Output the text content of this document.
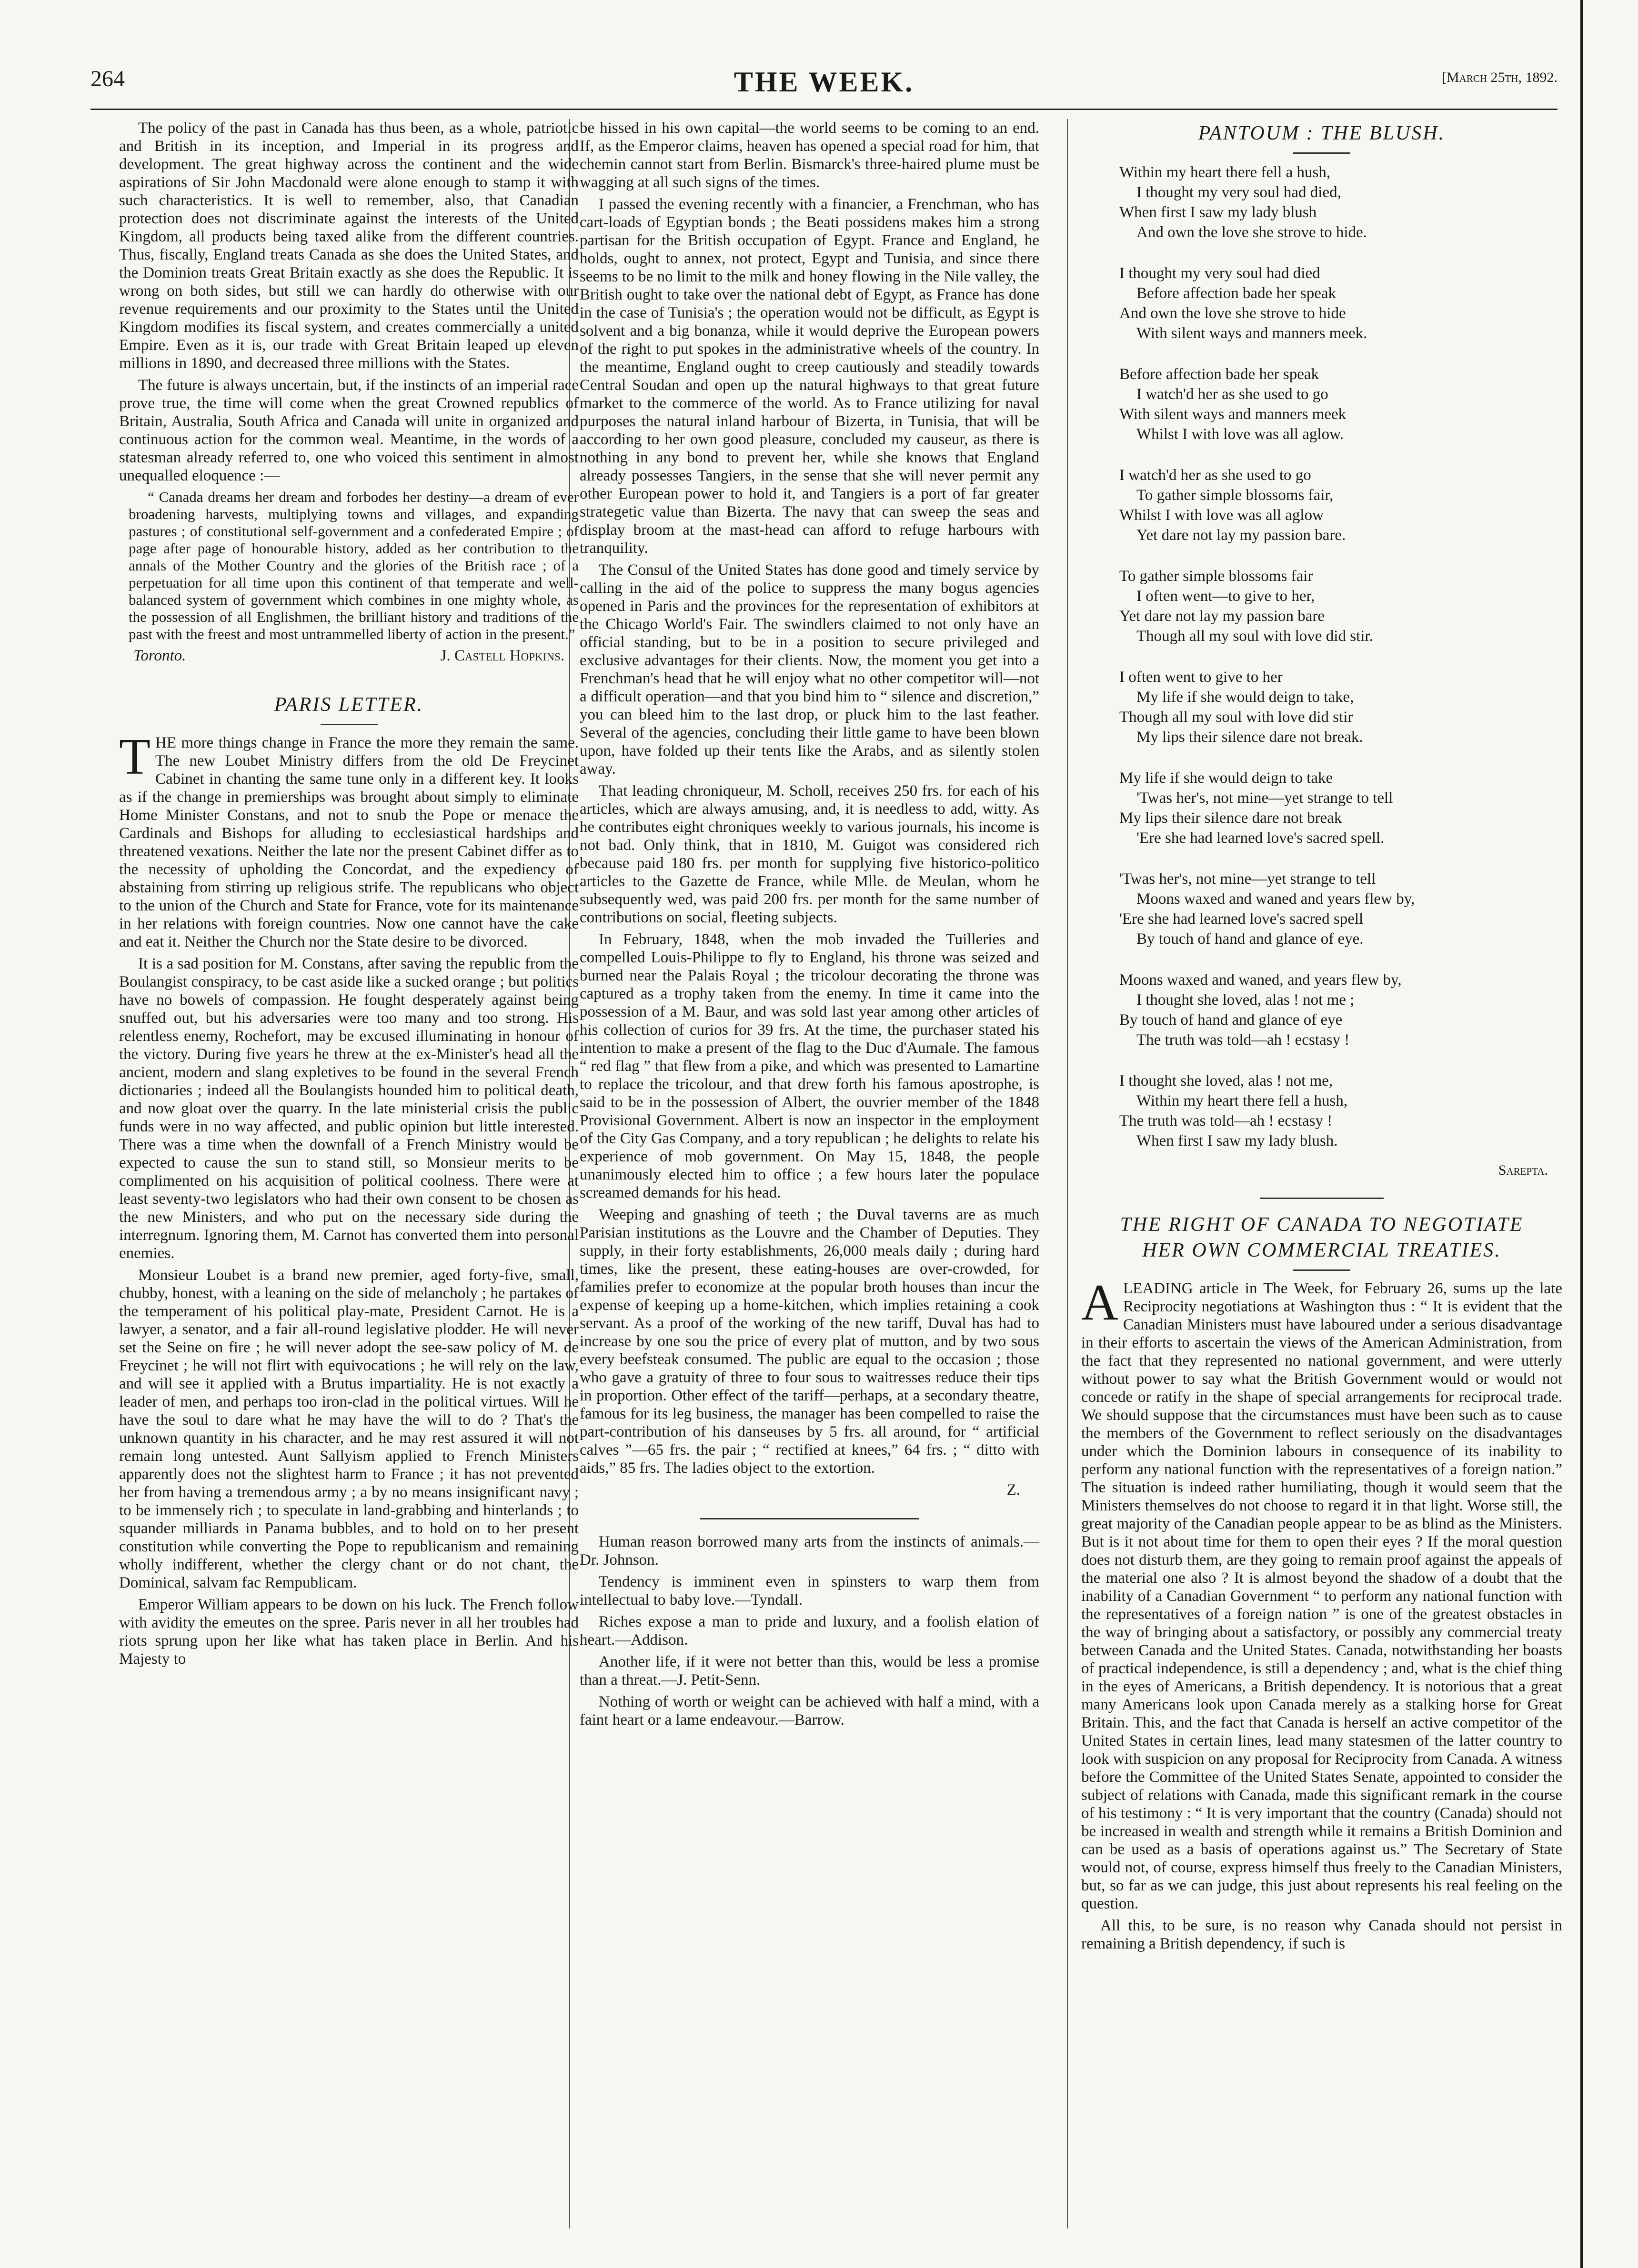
264	THE WEEK.	[March 25th, 1892.

The policy of the past in Canada has thus been, as a whole, patriotic and British in its inception, and Imperial in its progress and development. The great highway across the continent and the wide aspirations of Sir John Macdonald were alone enough to stamp it with such characteristics. It is well to remember, also, that Canadian protection does not discriminate against the interests of the United Kingdom, all products being taxed alike from the different countries. Thus, fiscally, England treats Canada as she does the United States, and the Dominion treats Great Britain exactly as she does the Republic. It is wrong on both sides, but still we can hardly do otherwise with our revenue requirements and our proximity to the States until the United Kingdom modifies its fiscal system, and creates commercially a united Empire. Even as it is, our trade with Great Britain leaped up eleven millions in 1890, and decreased three millions with the States.

The future is always uncertain, but, if the instincts of an imperial race prove true, the time will come when the great Crowned republics of Britain, Australia, South Africa and Canada will unite in organized and continuous action for the common weal. Meantime, in the words of a statesman already referred to, one who voiced this sentiment in almost unequalled eloquence :—

“ Canada dreams her dream and forbodes her destiny—a dream of ever broadening harvests, multiplying towns and villages, and expanding pastures ; of constitutional self-government and a confederated Empire ; of page after page of honourable history, added as her contribution to the annals of the Mother Country and the glories of the British race ; of a perpetuation for all time upon this continent of that temperate and well-balanced system of government which combines in one mighty whole, as the possession of all Englishmen, the brilliant history and traditions of the past with the freest and most untrammelled liberty of action in the present.”

Toronto.	J. Castell Hopkins.

PARIS LETTER.

THE more things change in France the more they remain the same. The new Loubet Ministry differs from the old De Freycinet Cabinet in chanting the same tune only in a different key. It looks as if the change in premierships was brought about simply to eliminate Home Minister Constans, and not to snub the Pope or menace the Cardinals and Bishops for alluding to ecclesiastical hardships and threatened vexations. Neither the late nor the present Cabinet differ as to the necessity of upholding the Concordat, and the expediency of abstaining from stirring up religious strife. The republicans who object to the union of the Church and State for France, vote for its maintenance in her relations with foreign countries. Now one cannot have the cake and eat it. Neither the Church nor the State desire to be divorced.

It is a sad position for M. Constans, after saving the republic from the Boulangist conspiracy, to be cast aside like a sucked orange ; but politics have no bowels of compassion. He fought desperately against being snuffed out, but his adversaries were too many and too strong. His relentless enemy, Rochefort, may be excused illuminating in honour of the victory. During five years he threw at the ex-Minister's head all the ancient, modern and slang expletives to be found in the several French dictionaries ; indeed all the Boulangists hounded him to political death, and now gloat over the quarry. In the late ministerial crisis the public funds were in no way affected, and public opinion but little interested. There was a time when the downfall of a French Ministry would be expected to cause the sun to stand still, so Monsieur merits to be complimented on his acquisition of political coolness. There were at least seventy-two legislators who had their own consent to be chosen as the new Ministers, and who put on the necessary side during the interregnum. Ignoring them, M. Carnot has converted them into personal enemies.

Monsieur Loubet is a brand new premier, aged forty-five, small, chubby, honest, with a leaning on the side of melancholy ; he partakes of the temperament of his political play-mate, President Carnot. He is a lawyer, a senator, and a fair all-round legislative plodder. He will never set the Seine on fire ; he will never adopt the see-saw policy of M. de Freycinet ; he will not flirt with equivocations ; he will rely on the law, and will see it applied with a Brutus impartiality. He is not exactly a leader of men, and perhaps too iron-clad in the political virtues. Will he have the soul to dare what he may have the will to do ? That's the unknown quantity in his character, and he may rest assured it will not remain long untested. Aunt Sallyism applied to French Ministers apparently does not the slightest harm to France ; it has not prevented her from having a tremendous army ; a by no means insignificant navy ; to be immensely rich ; to speculate in land-grabbing and hinterlands ; to squander milliards in Panama bubbles, and to hold on to her present constitution while converting the Pope to republicanism and remaining wholly indifferent, whether the clergy chant or do not chant, the Dominical, salvam fac Rempublicam.

Emperor William appears to be down on his luck. The French follow with avidity the emeutes on the spree. Paris never in all her troubles had riots sprung upon her like what has taken place in Berlin. And his Majesty to

be hissed in his own capital—the world seems to be coming to an end. If, as the Emperor claims, heaven has opened a special road for him, that chemin cannot start from Berlin. Bismarck's three-haired plume must be wagging at all such signs of the times.

I passed the evening recently with a financier, a Frenchman, who has cart-loads of Egyptian bonds ; the Beati possidens makes him a strong partisan for the British occupation of Egypt. France and England, he holds, ought to annex, not protect, Egypt and Tunisia, and since there seems to be no limit to the milk and honey flowing in the Nile valley, the British ought to take over the national debt of Egypt, as France has done in the case of Tunisia's ; the operation would not be difficult, as Egypt is solvent and a big bonanza, while it would deprive the European powers of the right to put spokes in the administrative wheels of the country. In the meantime, England ought to creep cautiously and steadily towards Central Soudan and open up the natural highways to that great future market to the commerce of the world. As to France utilizing for naval purposes the natural inland harbour of Bizerta, in Tunisia, that will be according to her own good pleasure, concluded my causeur, as there is nothing in any bond to prevent her, while she knows that England already possesses Tangiers, in the sense that she will never permit any other European power to hold it, and Tangiers is a port of far greater strategetic value than Bizerta. The navy that can sweep the seas and display broom at the mast-head can afford to refuge harbours with tranquility.

The Consul of the United States has done good and timely service by calling in the aid of the police to suppress the many bogus agencies opened in Paris and the provinces for the representation of exhibitors at the Chicago World's Fair. The swindlers claimed to not only have an official standing, but to be in a position to secure privileged and exclusive advantages for their clients. Now, the moment you get into a Frenchman's head that he will enjoy what no other competitor will—not a difficult operation—and that you bind him to “ silence and discretion,” you can bleed him to the last drop, or pluck him to the last feather. Several of the agencies, concluding their little game to have been blown upon, have folded up their tents like the Arabs, and as silently stolen away.

That leading chroniqueur, M. Scholl, receives 250 frs. for each of his articles, which are always amusing, and, it is needless to add, witty. As he contributes eight chroniques weekly to various journals, his income is not bad. Only think, that in 1810, M. Guigot was considered rich because paid 180 frs. per month for supplying five historico-politico articles to the Gazette de France, while Mlle. de Meulan, whom he subsequently wed, was paid 200 frs. per month for the same number of contributions on social, fleeting subjects.

In February, 1848, when the mob invaded the Tuilleries and compelled Louis-Philippe to fly to England, his throne was seized and burned near the Palais Royal ; the tricolour decorating the throne was captured as a trophy taken from the enemy. In time it came into the possession of a M. Baur, and was sold last year among other articles of his collection of curios for 39 frs. At the time, the purchaser stated his intention to make a present of the flag to the Duc d'Aumale. The famous “ red flag ” that flew from a pike, and which was presented to Lamartine to replace the tricolour, and that drew forth his famous apostrophe, is said to be in the possession of Albert, the ouvrier member of the 1848 Provisional Government. Albert is now an inspector in the employment of the City Gas Company, and a tory republican ; he delights to relate his experience of mob government. On May 15, 1848, the people unanimously elected him to office ; a few hours later the populace screamed demands for his head.

Weeping and gnashing of teeth ; the Duval taverns are as much Parisian institutions as the Louvre and the Chamber of Deputies. They supply, in their forty establishments, 26,000 meals daily ; during hard times, like the present, these eating-houses are over-crowded, for families prefer to economize at the popular broth houses than incur the expense of keeping up a home-kitchen, which implies retaining a cook servant. As a proof of the working of the new tariff, Duval has had to increase by one sou the price of every plat of mutton, and by two sous every beefsteak consumed. The public are equal to the occasion ; those who gave a gratuity of three to four sous to waitresses reduce their tips in proportion. Other effect of the tariff—perhaps, at a secondary theatre, famous for its leg business, the manager has been compelled to raise the part-contribution of his danseuses by 5 frs. all around, for “ artificial calves ”—65 frs. the pair ; “ rectified at knees,” 64 frs. ; “ ditto with aids,” 85 frs. The ladies object to the extortion.

Z.

Human reason borrowed many arts from the instincts of animals.—Dr. Johnson.

Tendency is imminent even in spinsters to warp them from intellectual to baby love.—Tyndall.

Riches expose a man to pride and luxury, and a foolish elation of heart.—Addison.

Another life, if it were not better than this, would be less a promise than a threat.—J. Petit-Senn.

Nothing of worth or weight can be achieved with half a mind, with a faint heart or a lame endeavour.—Barrow.

PANTOUM : THE BLUSH.
Within my heart there fell a hush,
I thought my very soul had died,
When first I saw my lady blush
And own the love she strove to hide.
I thought my very soul had died
Before affection bade her speak
And own the love she strove to hide
With silent ways and manners meek.
Before affection bade her speak
I watch'd her as she used to go
With silent ways and manners meek
Whilst I with love was all aglow.
I watch'd her as she used to go
To gather simple blossoms fair,
Whilst I with love was all aglow
Yet dare not lay my passion bare.
To gather simple blossoms fair
I often went—to give to her,
Yet dare not lay my passion bare
Though all my soul with love did stir.
I often went to give to her
My life if she would deign to take,
Though all my soul with love did stir
My lips their silence dare not break.
My life if she would deign to take
'Twas her's, not mine—yet strange to tell
My lips their silence dare not break
'Ere she had learned love's sacred spell.
'Twas her's, not mine—yet strange to tell
Moons waxed and waned and years flew by,
'Ere she had learned love's sacred spell
By touch of hand and glance of eye.
Moons waxed and waned, and years flew by,
I thought she loved, alas ! not me ;
By touch of hand and glance of eye
The truth was told—ah ! ecstasy !
I thought she loved, alas ! not me,
Within my heart there fell a hush,
The truth was told—ah ! ecstasy !
When first I saw my lady blush.
Sarepta.
THE RIGHT OF CANADA TO NEGOTIATE
HER OWN COMMERCIAL TREATIES.

ALEADING article in The Week, for February 26, sums up the late Reciprocity negotiations at Washington thus : “ It is evident that the Canadian Ministers must have laboured under a serious disadvantage in their efforts to ascertain the views of the American Administration, from the fact that they represented no national government, and were utterly without power to say what the British Government would or would not concede or ratify in the shape of special arrangements for reciprocal trade. We should suppose that the circumstances must have been such as to cause the members of the Government to reflect seriously on the disadvantages under which the Dominion labours in consequence of its inability to perform any national function with the representatives of a foreign nation.” The situation is indeed rather humiliating, though it would seem that the Ministers themselves do not choose to regard it in that light. Worse still, the great majority of the Canadian people appear to be as blind as the Ministers. But is it not about time for them to open their eyes ? If the moral question does not disturb them, are they going to remain proof against the appeals of the material one also ? It is almost beyond the shadow of a doubt that the inability of a Canadian Government “ to perform any national function with the representatives of a foreign nation ” is one of the greatest obstacles in the way of bringing about a satisfactory, or possibly any commercial treaty between Canada and the United States. Canada, notwithstanding her boasts of practical independence, is still a dependency ; and, what is the chief thing in the eyes of Americans, a British dependency. It is notorious that a great many Americans look upon Canada merely as a stalking horse for Great Britain. This, and the fact that Canada is herself an active competitor of the United States in certain lines, lead many statesmen of the latter country to look with suspicion on any proposal for Reciprocity from Canada. A witness before the Committee of the United States Senate, appointed to consider the subject of relations with Canada, made this significant remark in the course of his testimony : “ It is very important that the country (Canada) should not be increased in wealth and strength while it remains a British Dominion and can be used as a basis of operations against us.” The Secretary of State would not, of course, express himself thus freely to the Canadian Ministers, but, so far as we can judge, this just about represents his real feeling on the question.

All this, to be sure, is no reason why Canada should not persist in remaining a British dependency, if such is
